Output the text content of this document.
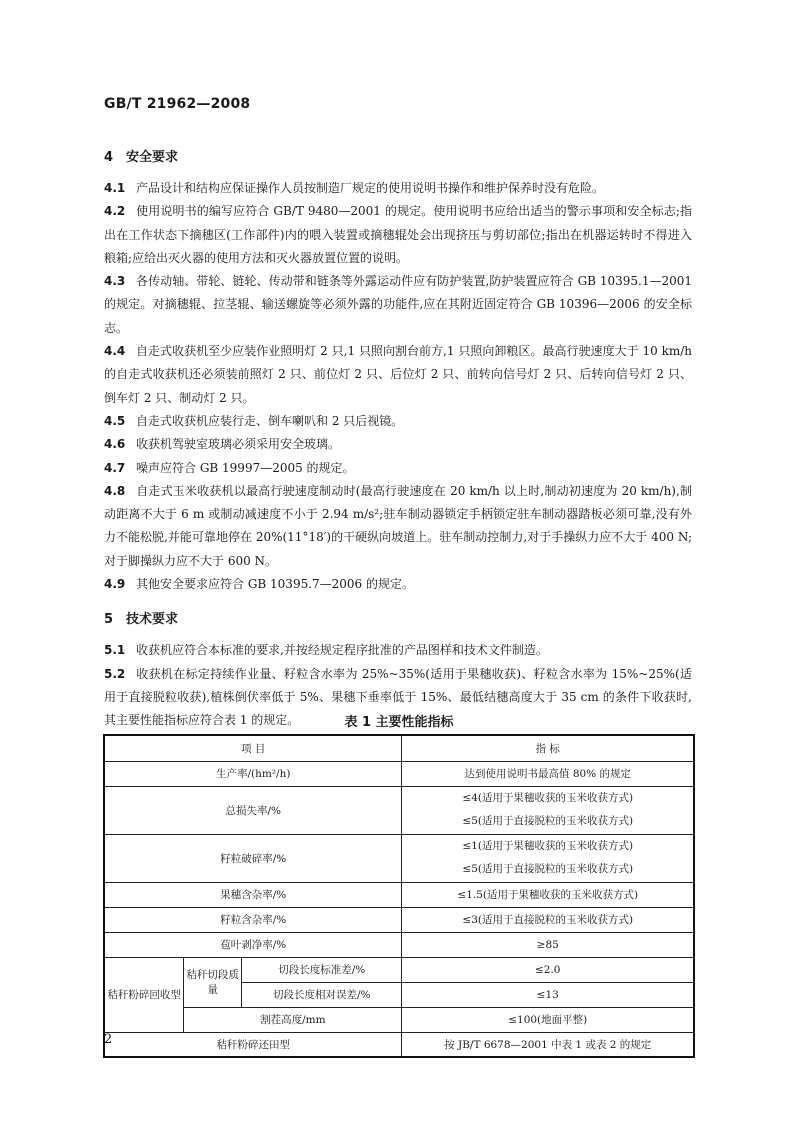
GB/T 21962—2008

4 安全要求

4.1 产品设计和结构应保证操作人员按制造厂规定的使用说明书操作和维护保养时没有危险。

4.2 使用说明书的编写应符合 GB/T 9480—2001 的规定。使用说明书应给出适当的警示事项和安全标志;指出在工作状态下摘穗区(工作部件)内的喂入装置或摘穗辊处会出现挤压与剪切部位;指出在机器运转时不得进入粮箱;应给出灭火器的使用方法和灭火器放置位置的说明。

4.3 各传动轴、带轮、链轮、传动带和链条等外露运动件应有防护装置,防护装置应符合 GB 10395.1—2001 的规定。对摘穗辊、拉茎辊、输送螺旋等必须外露的功能件,应在其附近固定符合 GB 10396—2006 的安全标志。

4.4 自走式收获机至少应装作业照明灯 2 只,1 只照向割台前方,1 只照向卸粮区。最高行驶速度大于 10 km/h 的自走式收获机还必须装前照灯 2 只、前位灯 2 只、后位灯 2 只、前转向信号灯 2 只、后转向信号灯 2 只、倒车灯 2 只、制动灯 2 只。

4.5 自走式收获机应装行走、倒车喇叭和 2 只后视镜。

4.6 收获机驾驶室玻璃必须采用安全玻璃。

4.7 噪声应符合 GB 19997—2005 的规定。

4.8 自走式玉米收获机以最高行驶速度制动时(最高行驶速度在 20 km/h 以上时,制动初速度为 20 km/h),制动距离不大于 6 m 或制动减速度不小于 2.94 m/s²;驻车制动器锁定手柄锁定驻车制动器踏板必须可靠,没有外力不能松脱,并能可靠地停在 20%(11°18′)的干硬纵向坡道上。驻车制动控制力,对于手操纵力应不大于 400 N;对于脚操纵力应不大于 600 N。

4.9 其他安全要求应符合 GB 10395.7—2006 的规定。

5 技术要求

5.1 收获机应符合本标准的要求,并按经规定程序批准的产品图样和技术文件制造。

5.2 收获机在标定持续作业量、籽粒含水率为 25%~35%(适用于果穗收获)、籽粒含水率为 15%~25%(适用于直接脱粒收获),植株倒伏率低于 5%、果穗下垂率低于 15%、最低结穗高度大于 35 cm 的条件下收获时,其主要性能指标应符合表 1 的规定。	表 1 主要性能指标
项 目			指 标
生产率/(hm²/h)			达到使用说明书最高值 80% 的规定
总损失率/%			≤4(适用于果穗收获的玉米收获方式)
≤5(适用于直接脱粒的玉米收获方式)

籽粒破碎率/%			≤1(适用于果穗收获的玉米收获方式)
≤5(适用于直接脱粒的玉米收获方式)

果穗含杂率/%			≤1.5(适用于果穗收获的玉米收获方式)
籽粒含杂率/%			≤3(适用于直接脱粒的玉米收获方式)
苞叶剥净率/%			≥85
秸秆粉碎回收型	秸秆切段质量	切段长度标准差/%	≤2.0
		切段长度相对误差/%	≤13
	割茬高度/mm		≤100(地面平整)
秸秆粉碎还田型			按 JB/T 6678—2001 中表 1 或表 2 的规定
2
